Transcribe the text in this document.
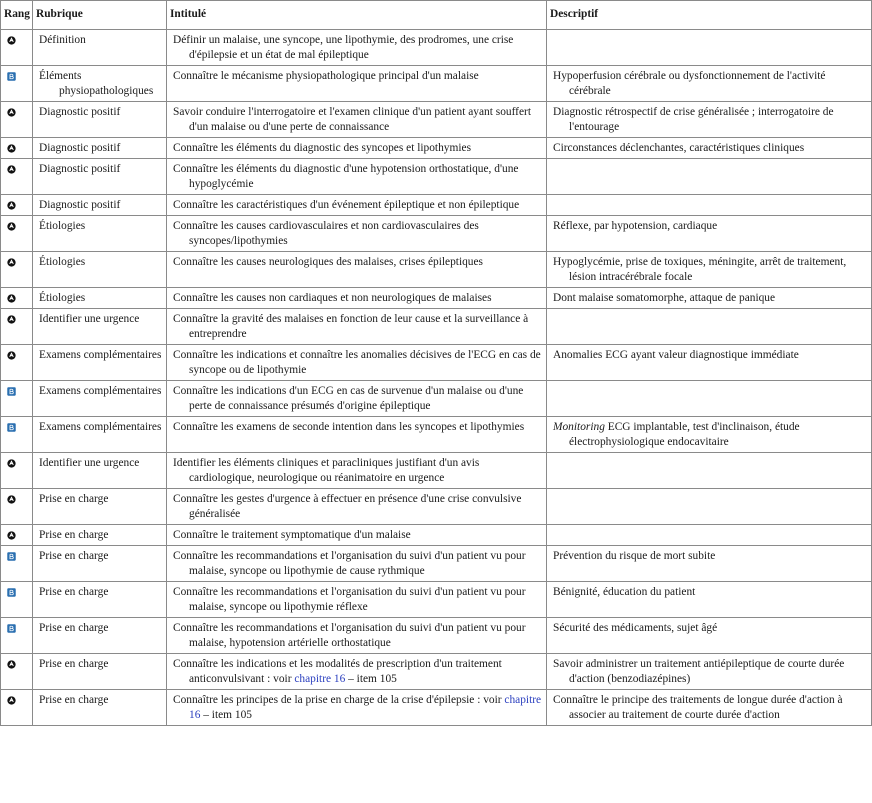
Rang	Rubrique	Intitulé	Descriptif

Définition	Définir un malaise, une syncope, une lipothymie, des prodromes, une crise d'épilepsie et un état de mal épileptique	

Éléments physiopathologiques	Connaître le mécanisme physiopathologique principal d'un malaise	Hypoperfusion cérébrale ou dysfonctionnement de l'activité cérébrale

Diagnostic positif	Savoir conduire l'interrogatoire et l'examen clinique d'un patient ayant souffert d'un malaise ou d'une perte de connaissance	Diagnostic rétrospectif de crise généralisée ; interrogatoire de l'entourage

Diagnostic positif	Connaître les éléments du diagnostic des syncopes et lipothymies	Circonstances déclenchantes, caractéristiques cliniques

Diagnostic positif	Connaître les éléments du diagnostic d'une hypotension orthostatique, d'une hypoglycémie	

Diagnostic positif	Connaître les caractéristiques d'un événement épileptique et non épileptique	

Étiologies	Connaître les causes cardiovasculaires et non cardiovasculaires des syncopes/lipothymies	Réflexe, par hypotension, cardiaque

Étiologies	Connaître les causes neurologiques des malaises, crises épileptiques	Hypoglycémie, prise de toxiques, méningite, arrêt de traitement, lésion intracérébrale focale

Étiologies	Connaître les causes non cardiaques et non neurologiques de malaises	Dont malaise somatomorphe, attaque de panique

Identifier une urgence	Connaître la gravité des malaises en fonction de leur cause et la surveillance à entreprendre	

Examens complémentaires	Connaître les indications et connaître les anomalies décisives de l'ECG en cas de syncope ou de lipothymie	Anomalies ECG ayant valeur diagnostique immédiate

Examens complémentaires	Connaître les indications d'un ECG en cas de survenue d'un malaise ou d'une perte de connaissance présumés d'origine épileptique	

Examens complémentaires	Connaître les examens de seconde intention dans les syncopes et lipothymies	Monitoring ECG implantable, test d'inclinaison, étude électrophysiologique endocavitaire

Identifier une urgence	Identifier les éléments cliniques et paracliniques justifiant d'un avis cardiologique, neurologique ou réanimatoire en urgence	

Prise en charge	Connaître les gestes d'urgence à effectuer en présence d'une crise convulsive généralisée	

Prise en charge	Connaître le traitement symptomatique d'un malaise	

Prise en charge	Connaître les recommandations et l'organisation du suivi d'un patient vu pour malaise, syncope ou lipothymie de cause rythmique	Prévention du risque de mort subite

Prise en charge	Connaître les recommandations et l'organisation du suivi d'un patient vu pour malaise, syncope ou lipothymie réflexe	Bénignité, éducation du patient

Prise en charge	Connaître les recommandations et l'organisation du suivi d'un patient vu pour malaise, hypotension artérielle orthostatique	Sécurité des médicaments, sujet âgé

Prise en charge	Connaître les indications et les modalités de prescription d'un traitement anticonvulsivant : voir chapitre 16 – item 105	Savoir administrer un traitement antiépileptique de courte durée d'action (benzodiazépines)

Prise en charge	Connaître les principes de la prise en charge de la crise d'épilepsie : voir chapitre 16 – item 105	Connaître le principe des traitements de longue durée d'action à associer au traitement de courte durée d'action
